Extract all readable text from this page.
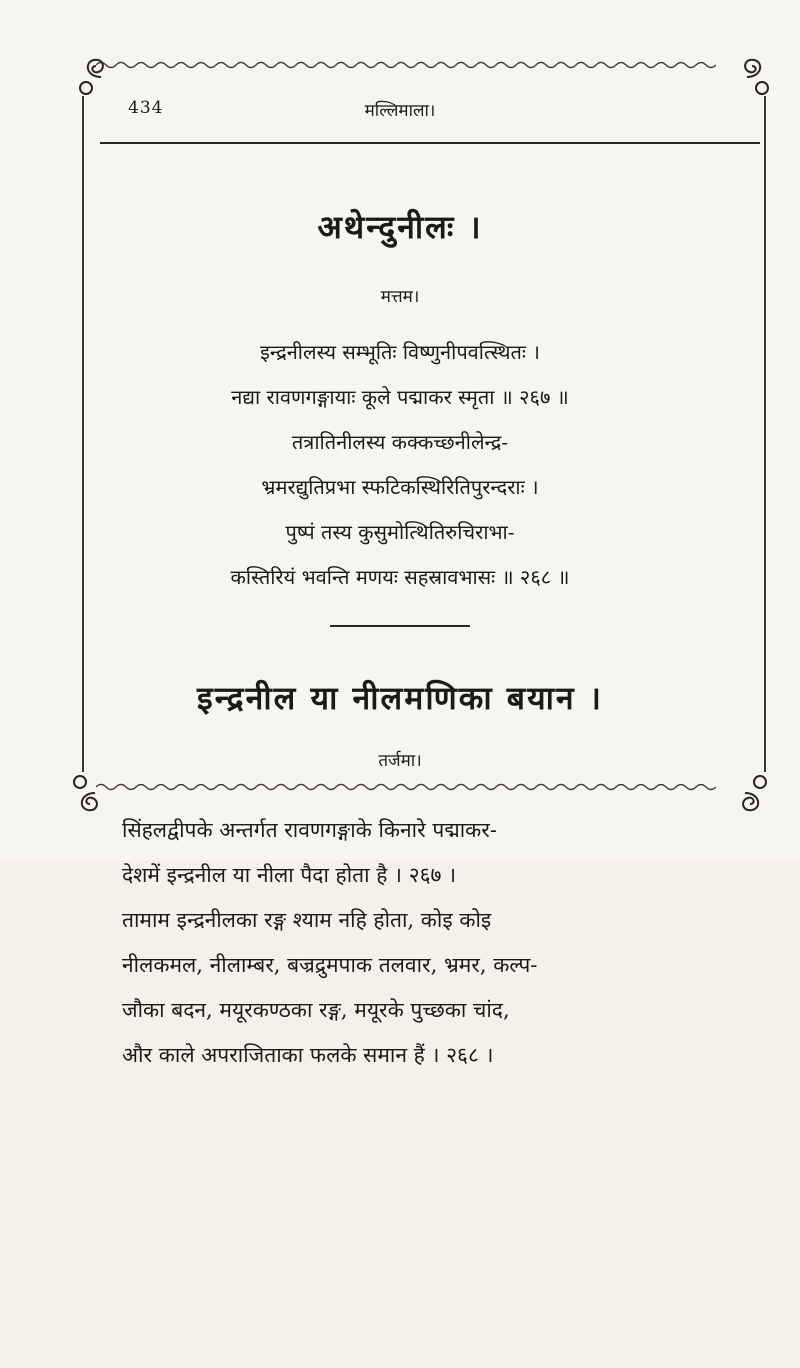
434	मल्लिमाला।
अथेन्दुनीलः ।
मत्तम।
इन्द्रनीलस्य सम्भूतिः विष्णुनीपवत्स्थितः ।
नद्या रावणगङ्गायाः कूले पद्माकर स्मृता ॥ २६७ ॥
तत्रातिनीलस्य कक्कच्छनीलेन्द्र-
भ्रमरद्युतिप्रभा स्फटिकस्थिरितिपुरन्दराः ।
पुष्पं तस्य कुसुमोत्थितिरुचिराभा-
कस्तिरियं भवन्ति मणयः सहस्रावभासः ॥ २६८ ॥
इन्द्रनील या नीलमणिका बयान ।
तर्जमा।
सिंहलद्वीपके अन्तर्गत रावणगङ्गाके किनारे पद्माकर-
देशमें इन्द्रनील या नीला पैदा होता है । २६७ ।
तामाम इन्द्रनीलका रङ्ग श्याम नहि होता, कोइ कोइ
नीलकमल, नीलाम्बर, बज्रद्रुमपाक तलवार, भ्रमर, कल्प-
जौका बदन, मयूरकण्ठका रङ्ग, मयूरके पुच्छका चांद,
और काले अपराजिताका फलके समान हैं । २६८ ।
